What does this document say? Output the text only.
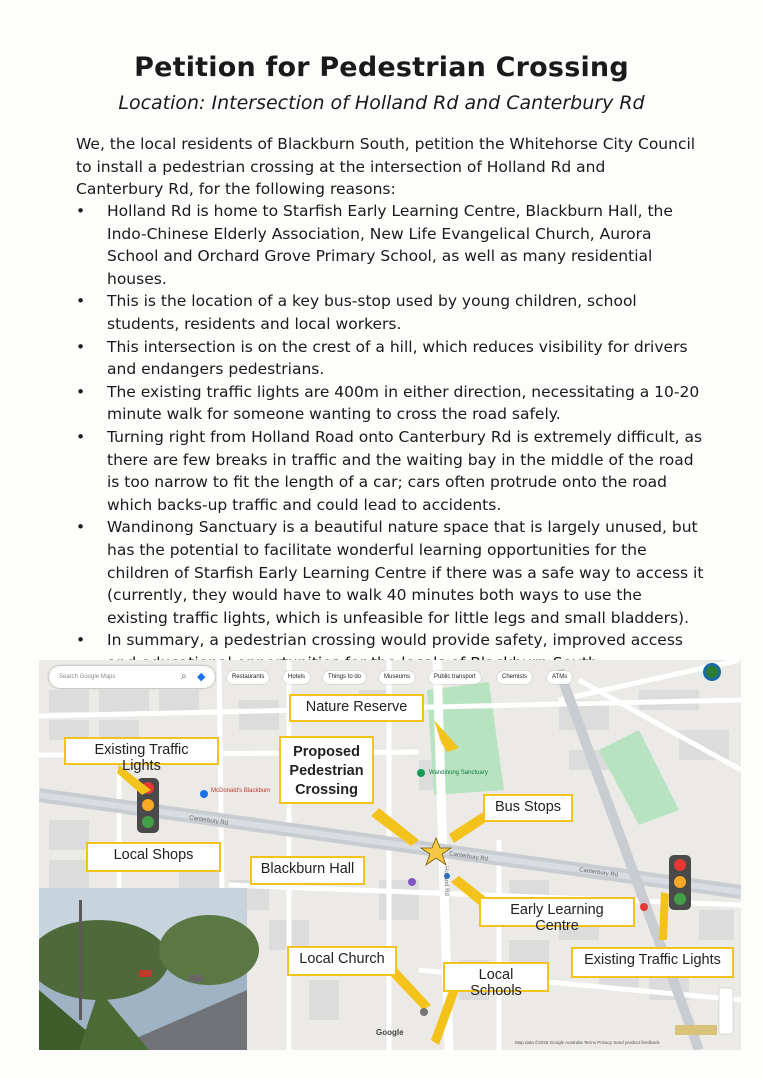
Petition for Pedestrian Crossing
Location: Intersection of Holland Rd and Canterbury Rd
We, the local residents of Blackburn South, petition the Whitehorse City Council to install a pedestrian crossing at the intersection of Holland Rd and Canterbury Rd, for the following reasons:
• Holland Rd is home to Starfish Early Learning Centre, Blackburn Hall, the Indo-Chinese Elderly Association, New Life Evangelical Church, Aurora School and Orchard Grove Primary School, as well as many residential houses.
• This is the location of a key bus-stop used by young children, school students, residents and local workers.
• This intersection is on the crest of a hill, which reduces visibility for drivers and endangers pedestrians.
• The existing traffic lights are 400m in either direction, necessitating a 10-20 minute walk for someone wanting to cross the road safely.
• Turning right from Holland Road onto Canterbury Rd is extremely difficult, as there are few breaks in traffic and the waiting bay in the middle of the road is too narrow to fit the length of a car; cars often protrude onto the road which backs-up traffic and could lead to accidents.
• Wandinong Sanctuary is a beautiful nature space that is largely unused, but has the potential to facilitate wonderful learning opportunities for the children of Starfish Early Learning Centre if there was a safe way to access it (currently, they would have to walk 40 minutes both ways to use the existing traffic lights, which is unfeasible for little legs and small bladders).
• In summary, a pedestrian crossing would provide safety, improved access
Search Google Maps	⌕ ◆	Restaurants	Hotels	Things to do	Museums	Public transport	Chemists	ATMs
Canterbury Rd
Canterbury Rd
Canterbury Rd
Holland Rd
Wandinong Sanctuary
McDonald's Blackburn
Google
Map data ©2025 Google Australia Terms Privacy Send product feedback
Nature Reserve
Existing Traffic Lights
Proposed Pedestrian Crossing
Bus Stops
Local Shops
Blackburn Hall
Early Learning Centre
Local Church
Local Schools
Existing Traffic Lights
